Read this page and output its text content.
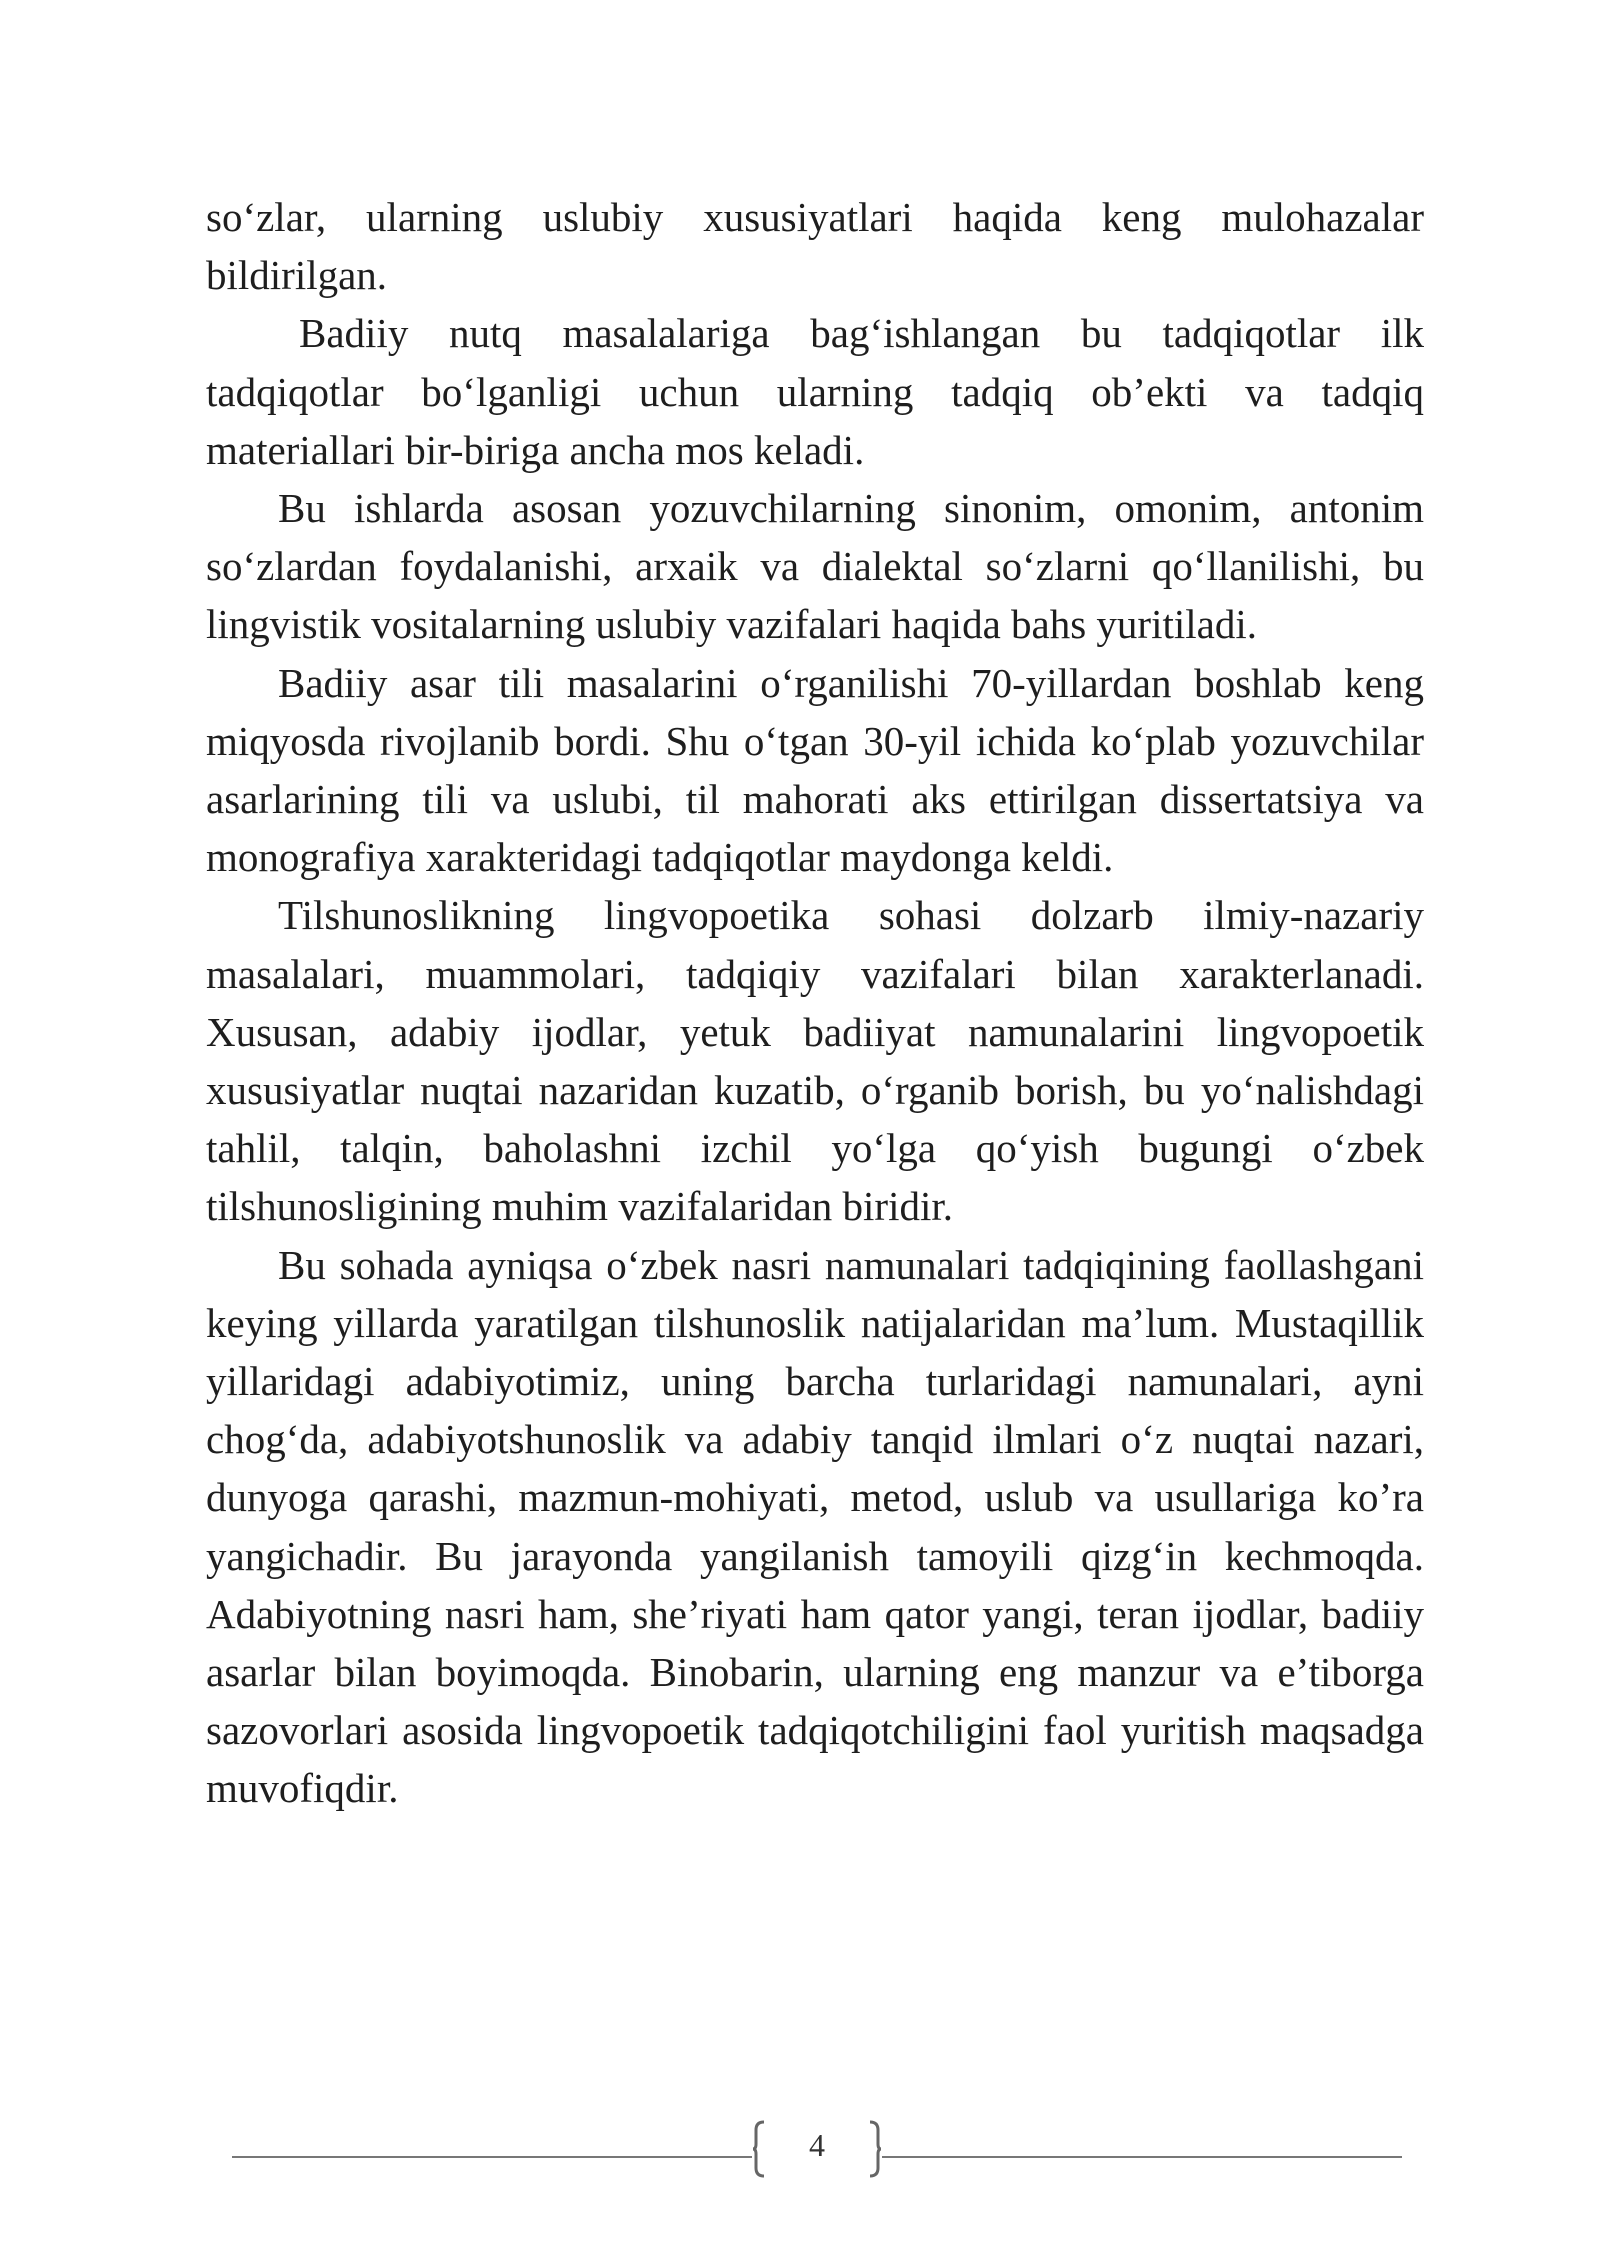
so‘zlar, ularning uslubiy xususiyatlari haqida keng mulohazalar bildirilgan.

Badiiy nutq masalalariga bag‘ishlangan bu tadqiqotlar ilk tadqiqotlar bo‘lganligi uchun ularning tadqiq ob’ekti va tadqiq materiallari bir-biriga ancha mos keladi.

Bu ishlarda asosan yozuvchilarning sinonim, omonim, antonim so‘zlardan foydalanishi, arxaik va dialektal so‘zlarni qo‘llanilishi, bu lingvistik vositalarning uslubiy vazifalari haqida bahs yuritiladi.

Badiiy asar tili masalarini o‘rganilishi 70-yillardan boshlab keng miqyosda rivojlanib bordi. Shu o‘tgan 30-yil ichida ko‘plab yozuvchilar asarlarining tili va uslubi, til mahorati aks ettirilgan dissertatsiya va monografiya xarakteridagi tadqiqotlar maydonga keldi.

Tilshunoslikning lingvopoetika sohasi dolzarb ilmiy-nazariy masalalari, muammolari, tadqiqiy vazifalari bilan xarakterlanadi. Xususan, adabiy ijodlar, yetuk badiiyat namunalarini lingvopoetik xususiyatlar nuqtai nazaridan kuzatib, o‘rganib borish, bu yo‘nalishdagi tahlil, talqin, baholashni izchil yo‘lga qo‘yish bugungi o‘zbek tilshunosligining muhim vazifalaridan biridir.

Bu sohada ayniqsa o‘zbek nasri namunalari tadqiqining faollashgani keying yillarda yaratilgan tilshunoslik natijalaridan ma’lum. Mustaqillik yillaridagi adabiyotimiz, uning barcha turlaridagi namunalari, ayni chog‘da, adabiyotshunoslik va adabiy tanqid ilmlari o‘z nuqtai nazari, dunyoga qarashi, mazmun-mohiyati, metod, uslub va usullariga ko’ra yangichadir. Bu jarayonda yangilanish tamoyili qizg‘in kechmoqda. Adabiyotning nasri ham, she’riyati ham qator yangi, teran ijodlar, badiiy asarlar bilan boyimoqda. Binobarin, ularning eng manzur va e’tiborga sazovorlari asosida lingvopoetik tadqiqotchiligini faol yuritish maqsadga muvofiqdir.

4
